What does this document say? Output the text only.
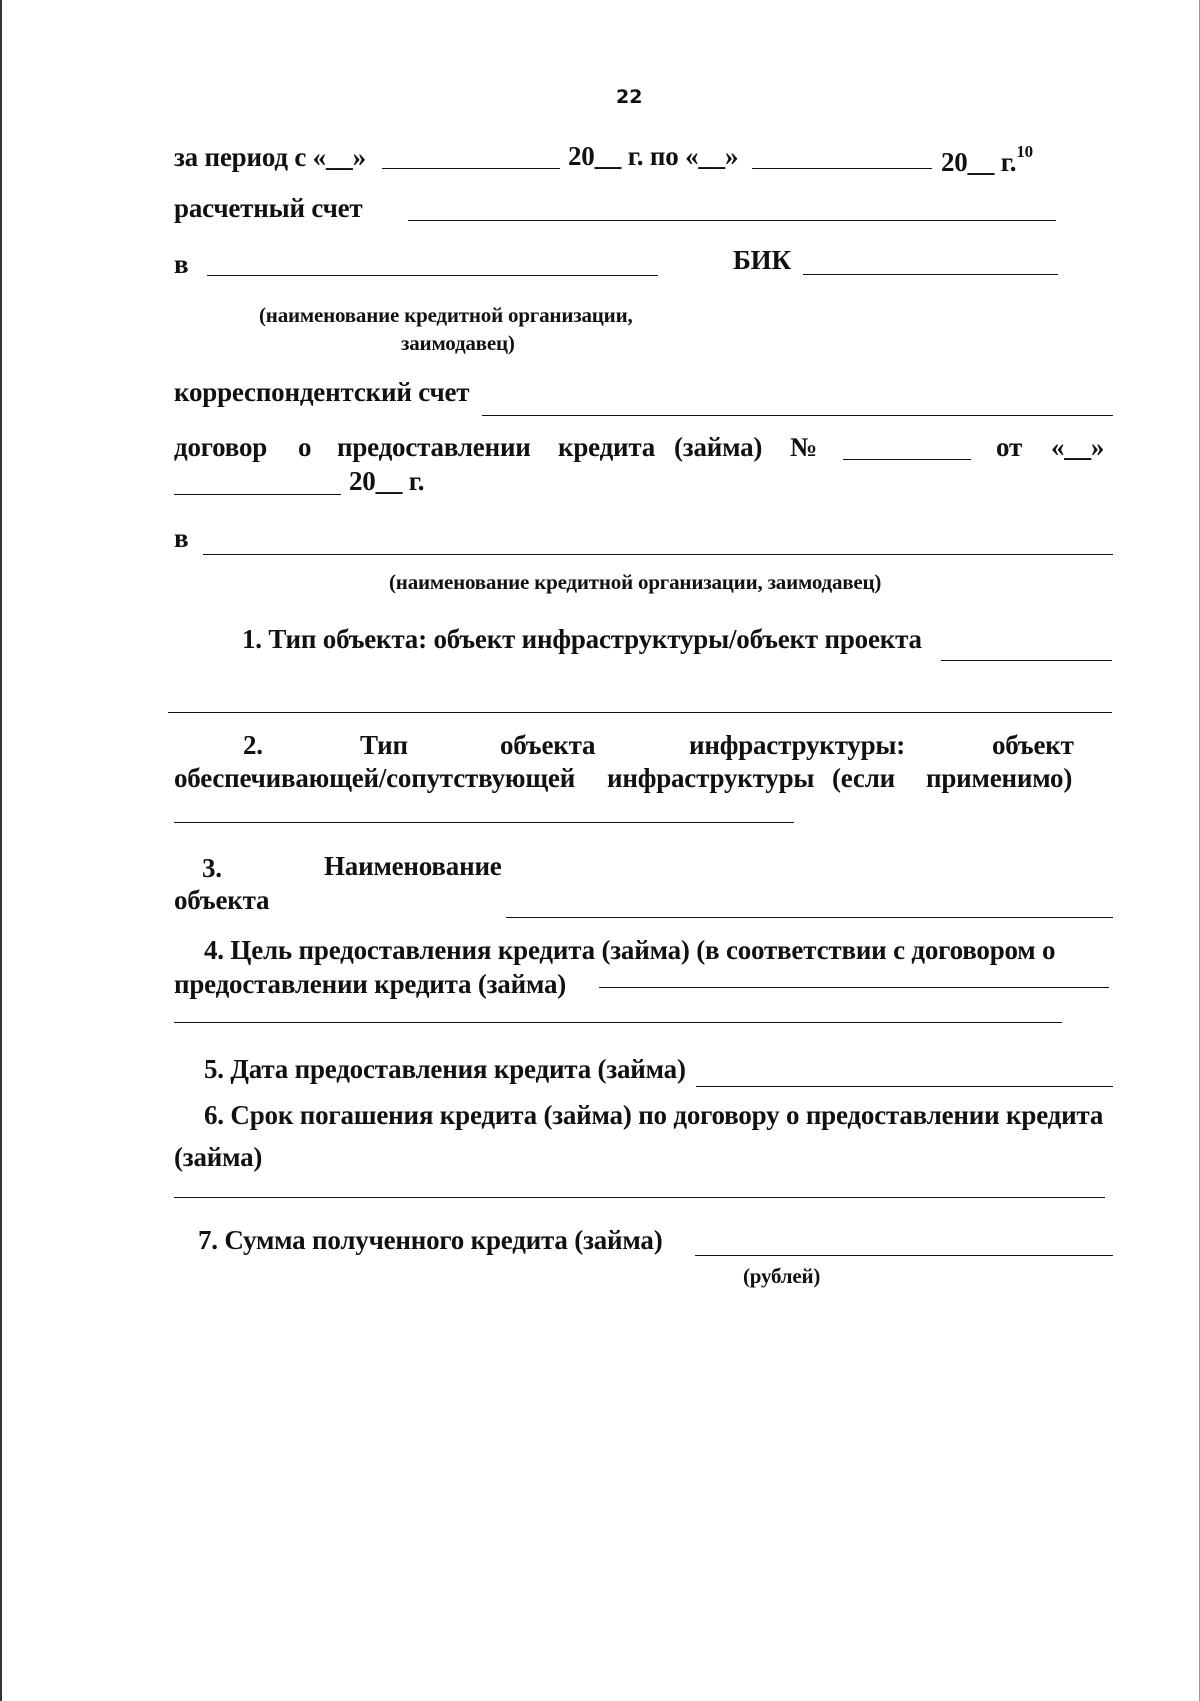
22
за период с «__»	20__ г. по «__»	20__ г.$^{10}$
расчетный счет
в	БИК
(наименование кредитной организации,
заимодавец)
корреспондентский счет
договор о предоставлении кредита (займа) №	от «__»
20__ г.
в
(наименование кредитной организации, заимодавец)
1. Тип объекта: объект инфраструктуры/объект проекта
2.	Тип	объекта	инфраструктуры:	объект
обеспечивающей/сопутствующей инфраструктуры (если применимо)
3.	Наименование
объекта
4. Цель предоставления кредита (займа) (в соответствии с договором о
предоставлении кредита (займа)
5. Дата предоставления кредита (займа)
6. Срок погашения кредита (займа) по договору о предоставлении кредита
(займа)
7. Сумма полученного кредита (займа)
(рублей)
